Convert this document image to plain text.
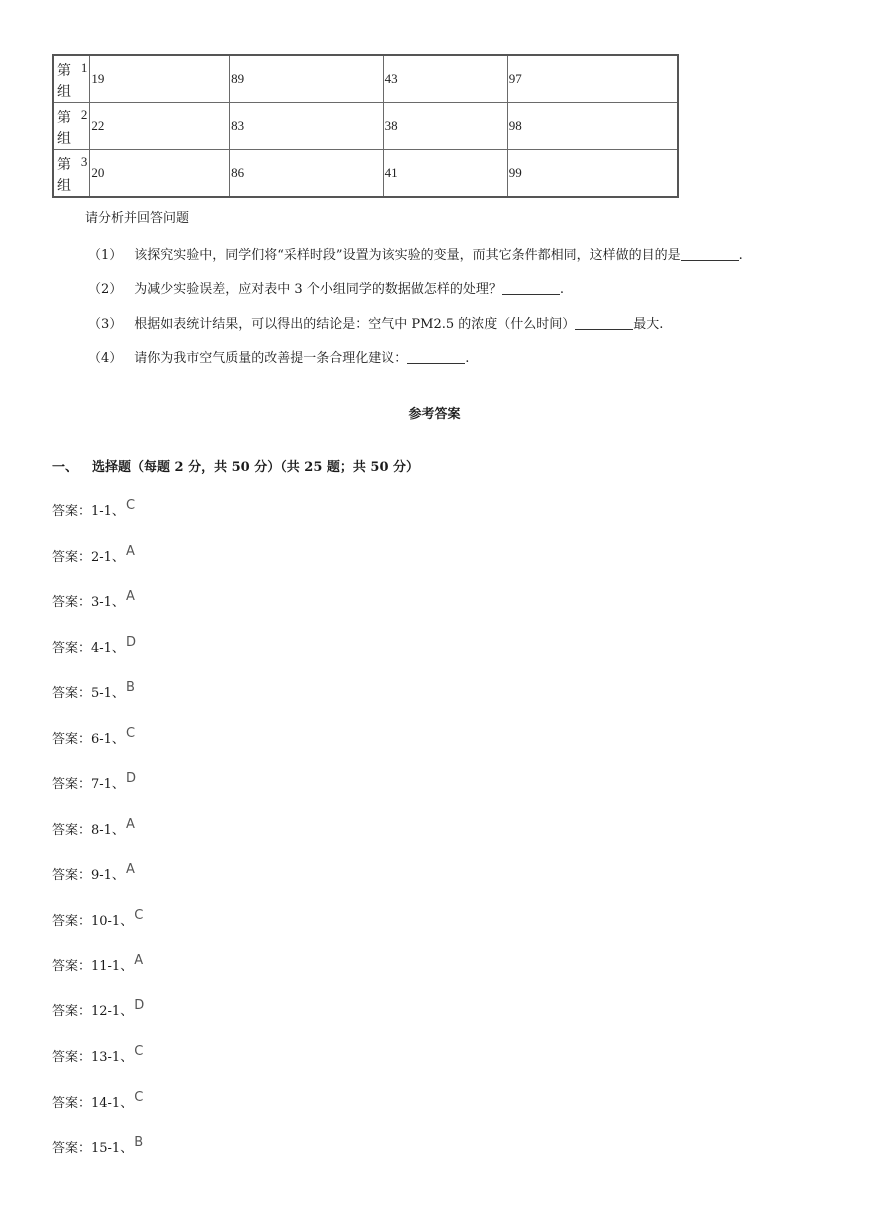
第 1
组	19	89	43	97

第 2
组	22	83	38	98

第 3
组	20	86	41	99
请分析并回答问题
（1） 该探究实验中，同学们将“采样时段”设置为该实验的变量，而其它条件都相同，这样做的目的是	.
（2） 为减少实验误差，应对表中 3 个小组同学的数据做怎样的处理？	.
（3） 根据如表统计结果，可以得出的结论是：空气中 PM2.5 的浓度（什么时间）	最大.
（4） 请你为我市空气质量的改善提一条合理化建议：	.
参考答案
一、 选择题（每题 2 分，共 50 分）（共 25 题；共 50 分）
答案：1-1、C
答案：2-1、A
答案：3-1、A
答案：4-1、D
答案：5-1、B
答案：6-1、C
答案：7-1、D
答案：8-1、A
答案：9-1、A
答案：10-1、C
答案：11-1、A
答案：12-1、D
答案：13-1、C
答案：14-1、C
答案：15-1、B
